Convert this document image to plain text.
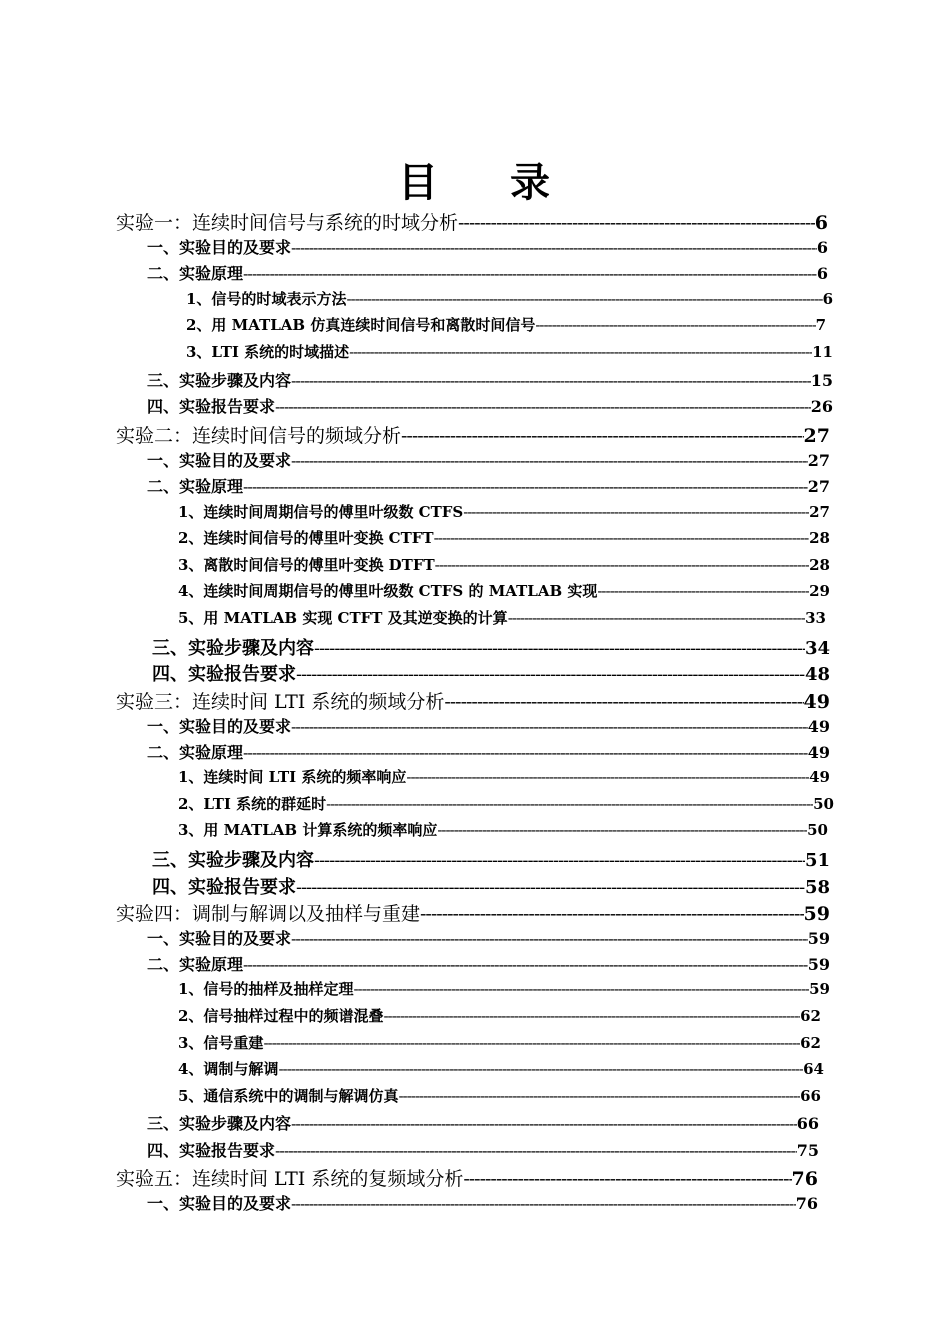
目 录
实验一：连续时间信号与系统的时域分析 -----	6
一、实验目的及要求 -----	6
二、实验原理 -----	6
1、信号的时域表示方法 -----	6
2、用 MATLAB 仿真连续时间信号和离散时间信号 -----	7
3、LTI 系统的时域描述 -----	11
三、实验步骤及内容 -----	15
四、实验报告要求 -----	26
实验二：连续时间信号的频域分析 -----	27
一、实验目的及要求 -----	27
二、实验原理 -----	27
1、连续时间周期信号的傅里叶级数 CTFS -----	27
2、连续时间信号的傅里叶变换 CTFT -----	28
3、离散时间信号的傅里叶变换 DTFT -----	28
4、连续时间周期信号的傅里叶级数 CTFS 的 MATLAB 实现 -----	29
5、用 MATLAB 实现 CTFT 及其逆变换的计算 -----	33
三、实验步骤及内容 -----	34
四、实验报告要求 -----	48
实验三：连续时间 LTI 系统的频域分析 -----	49
一、实验目的及要求 -----	49
二、实验原理 -----	49
1、连续时间 LTI 系统的频率响应 -----	49
2、LTI 系统的群延时 -----	50
3、用 MATLAB 计算系统的频率响应 -----	50
三、实验步骤及内容 -----	51
四、实验报告要求 -----	58
实验四：调制与解调以及抽样与重建 -----	59
一、实验目的及要求 -----	59
二、实验原理 -----	59
1、信号的抽样及抽样定理 -----	59
2、信号抽样过程中的频谱混叠 -----	62
3、信号重建 -----	62
4、调制与解调 -----	64
5、通信系统中的调制与解调仿真 -----	66
三、实验步骤及内容 -----	66
四、实验报告要求 -----	75
实验五：连续时间 LTI 系统的复频域分析 -----	76
一、实验目的及要求 -----	76
